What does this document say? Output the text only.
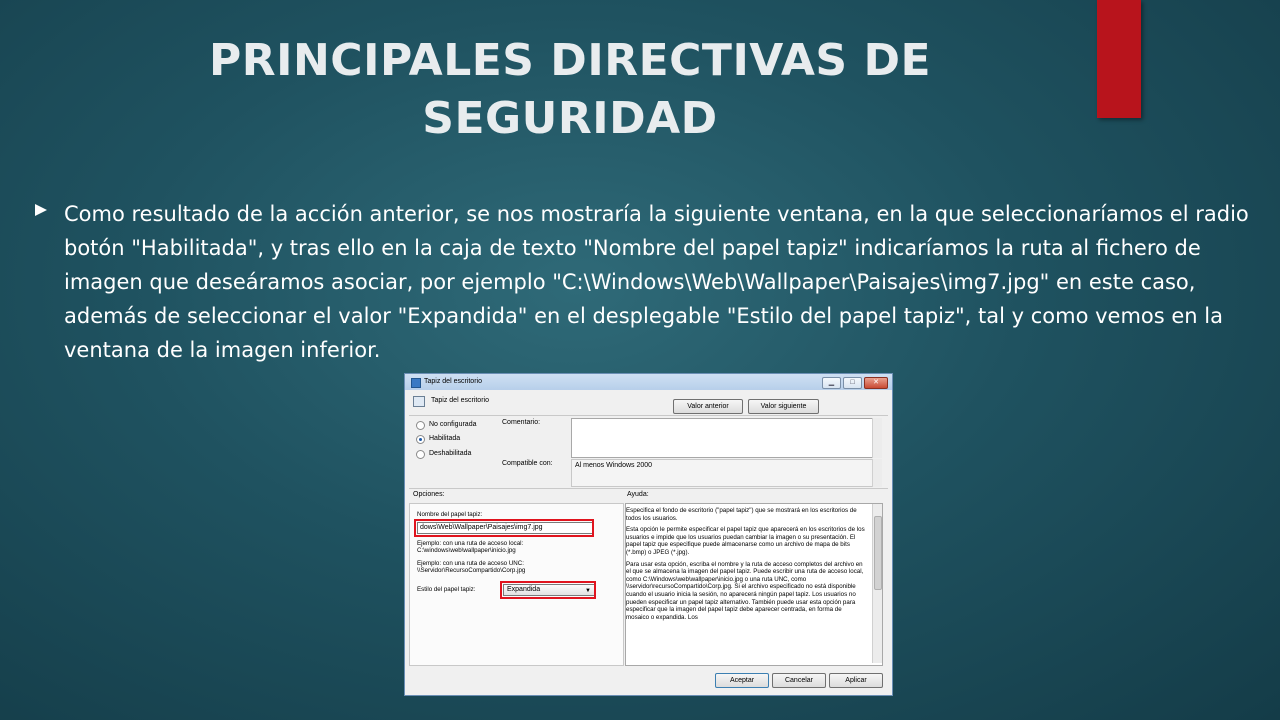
PRINCIPALES DIRECTIVAS DE
SEGURIDAD
Como resultado de la acción anterior, se nos mostraría la siguiente ventana, en la que seleccionaríamos el radio botón "Habilitada", y tras ello en la caja de texto "Nombre del papel tapiz" indicaríamos la ruta al fichero de imagen que deseáramos asociar, por ejemplo "C:\Windows\Web\Wallpaper\Paisajes\img7.jpg" en este caso, además de seleccionar el valor "Expandida" en el desplegable "Estilo del papel tapiz", tal y como vemos en la ventana de la imagen inferior.
Tapiz del escritorio	▁	□	✕
Tapiz del escritorio
Valor anterior	Valor siguiente
No configurada
Habilitada
Deshabilitada
Comentario:
Compatible con:	Al menos Windows 2000
Opciones:	Ayuda:
Nombre del papel tapiz:
dows\Web\Wallpaper\Paisajes\img7.jpg
Ejemplo: con una ruta de acceso local:
C:\windows\web\wallpaper\inicio.jpg
Ejemplo: con una ruta de acceso UNC:
\\Servidor\RecursoCompartido\Corp.jpg
Estilo del papel tapiz:	Expandida	▼
Aceptar	Cancelar	Aplicar

Especifica el fondo de escritorio ("papel tapiz") que se mostrará en los escritorios de todos los usuarios.

Esta opción le permite especificar el papel tapiz que aparecerá en los escritorios de los usuarios e impide que los usuarios puedan cambiar la imagen o su presentación. El papel tapiz que especifique puede almacenarse como un archivo de mapa de bits (*.bmp) o JPEG (*.jpg).

Para usar esta opción, escriba el nombre y la ruta de acceso completos del archivo en el que se almacena la imagen del papel tapiz. Puede escribir una ruta de acceso local, como C:\Windows\web\wallpaper\inicio.jpg o una ruta UNC, como \\servidor\recursoCompartido\Corp.jpg. Si el archivo especificado no está disponible cuando el usuario inicia la sesión, no aparecerá ningún papel tapiz. Los usuarios no pueden especificar un papel tapiz alternativo. También puede usar esta opción para especificar que la imagen del papel tapiz debe aparecer centrada, en forma de mosaico o expandida. Los
